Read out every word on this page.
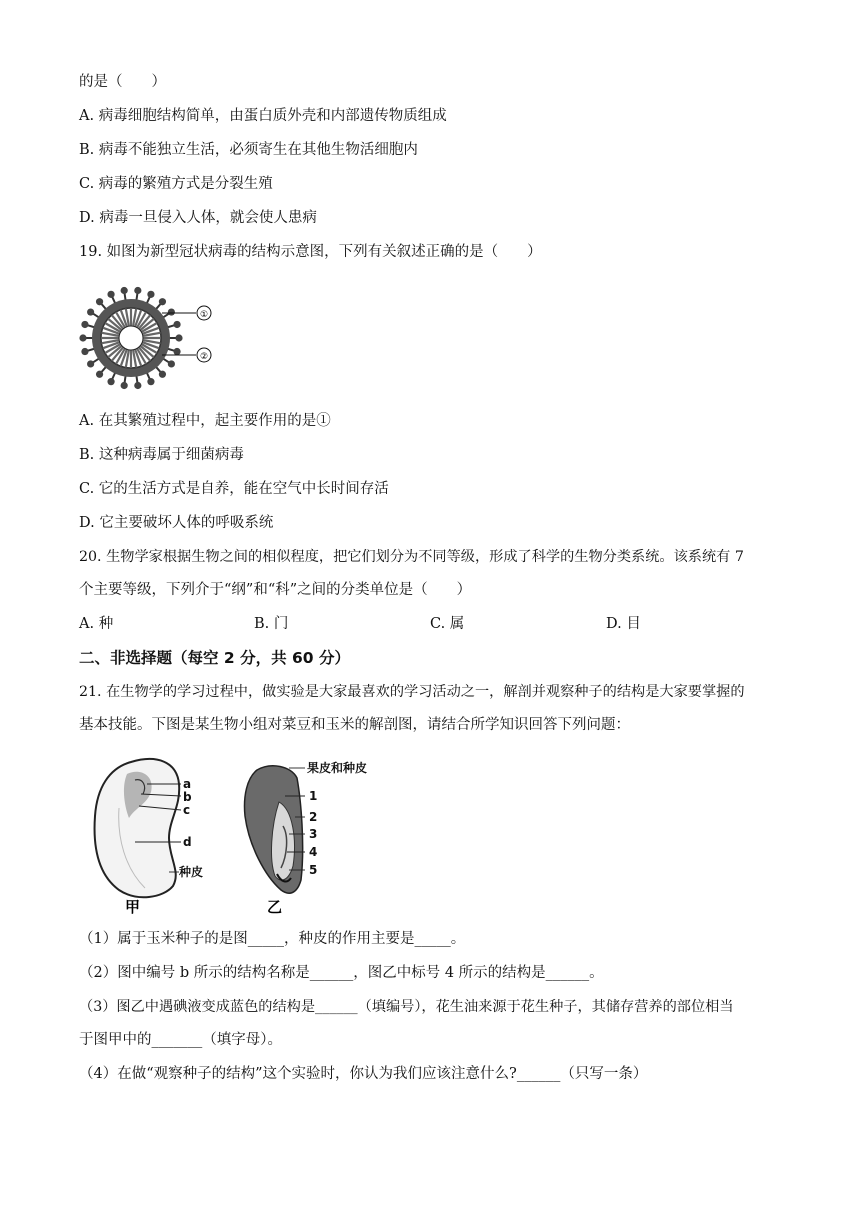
的是（　　）
A. 病毒细胞结构简单，由蛋白质外壳和内部遗传物质组成
B. 病毒不能独立生活，必须寄生在其他生物活细胞内
C. 病毒的繁殖方式是分裂生殖
D. 病毒一旦侵入人体，就会使人患病
19. 如图为新型冠状病毒的结构示意图，下列有关叙述正确的是（　　）
①
②
A. 在其繁殖过程中，起主要作用的是①
B. 这种病毒属于细菌病毒
C. 它的生活方式是自养，能在空气中长时间存活
D. 它主要破坏人体的呼吸系统
20. 生物学家根据生物之间的相似程度，把它们划分为不同等级，形成了科学的生物分类系统。该系统有 7
个主要等级，下列介于“纲”和“科”之间的分类单位是（　　）
A. 种	B. 门	C. 属	D. 目
二、非选择题（每空 2 分，共 60 分）
21. 在生物学的学习过程中，做实验是大家最喜欢的学习活动之一，解剖并观察种子的结构是大家要掌握的
基本技能。下图是某生物小组对菜豆和玉米的解剖图，请结合所学知识回答下列问题：
a
b
c
d
种皮
甲
果皮和种皮
1
2
3
4
5
乙
（1）属于玉米种子的是图_____，种皮的作用主要是_____。
（2）图中编号 b 所示的结构名称是______，图乙中标号 4 所示的结构是______。
（3）图乙中遇碘液变成蓝色的结构是______（填编号），花生油来源于花生种子，其储存营养的部位相当
于图甲中的_______（填字母）。
（4）在做“观察种子的结构”这个实验时，你认为我们应该注意什么?______（只写一条）
